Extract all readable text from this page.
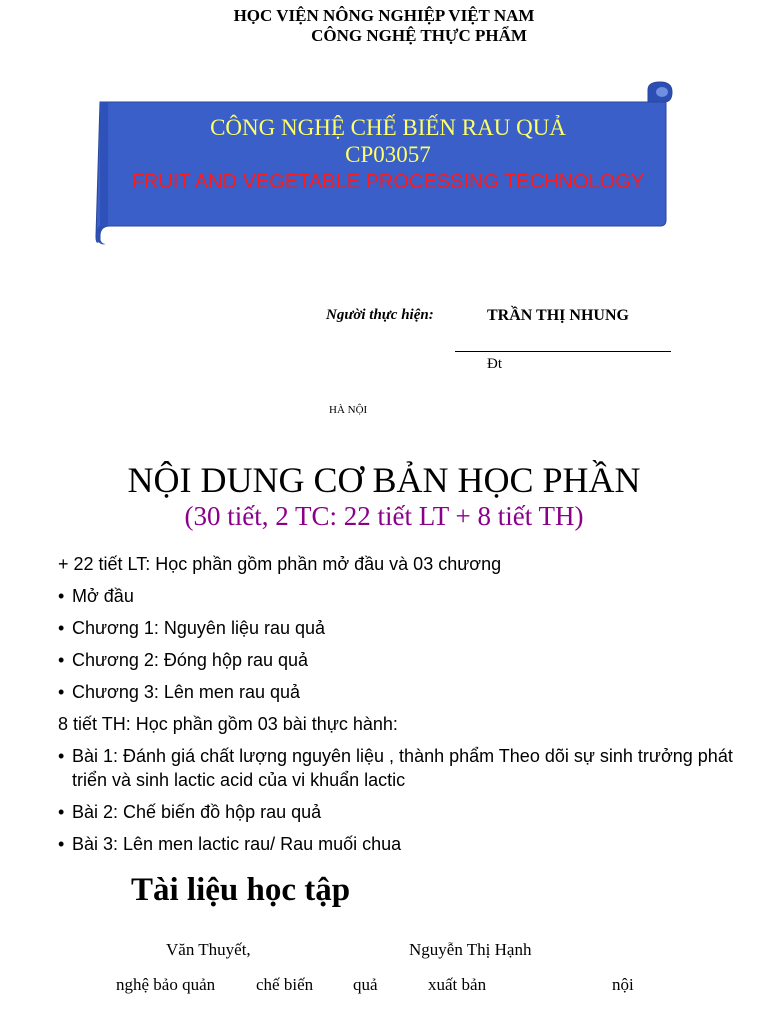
HỌC VIỆN NÔNG NGHIỆP VIỆT NAM
CÔNG NGHỆ THỰC PHẨM
CÔNG NGHỆ CHẾ BIẾN RAU QUẢ
CP03057
FRUIT AND VEGETABLE PROCESSING TECHNOLOGY
Người thực hiện:	TRẦN THỊ NHUNG
Đt
HÀ NỘI
NỘI DUNG CƠ BẢN HỌC PHẦN
(30 tiết, 2 TC: 22 tiết LT + 8 tiết TH)
+ 22 tiết LT: Học phần gồm phần mở đầu và 03 chương
• Mở đầu
• Chương 1: Nguyên liệu rau quả
• Chương 2: Đóng hộp rau quả
• Chương 3: Lên men rau quả
8 tiết TH: Học phần gồm 03 bài thực hành:
• Bài 1: Đánh giá chất lượng nguyên liệu , thành phẩm Theo dõi sự sinh trưởng phát triển và sinh lactic acid của vi khuẩn lactic
• Bài 2: Chế biến đồ hộp rau quả
• Bài 3: Lên men lactic rau/ Rau muối chua
Tài liệu học tập
Văn Thuyết,	Nguyễn Thị Hạnh
nghệ bảo quản chế biến quả	xuất bản	nội
